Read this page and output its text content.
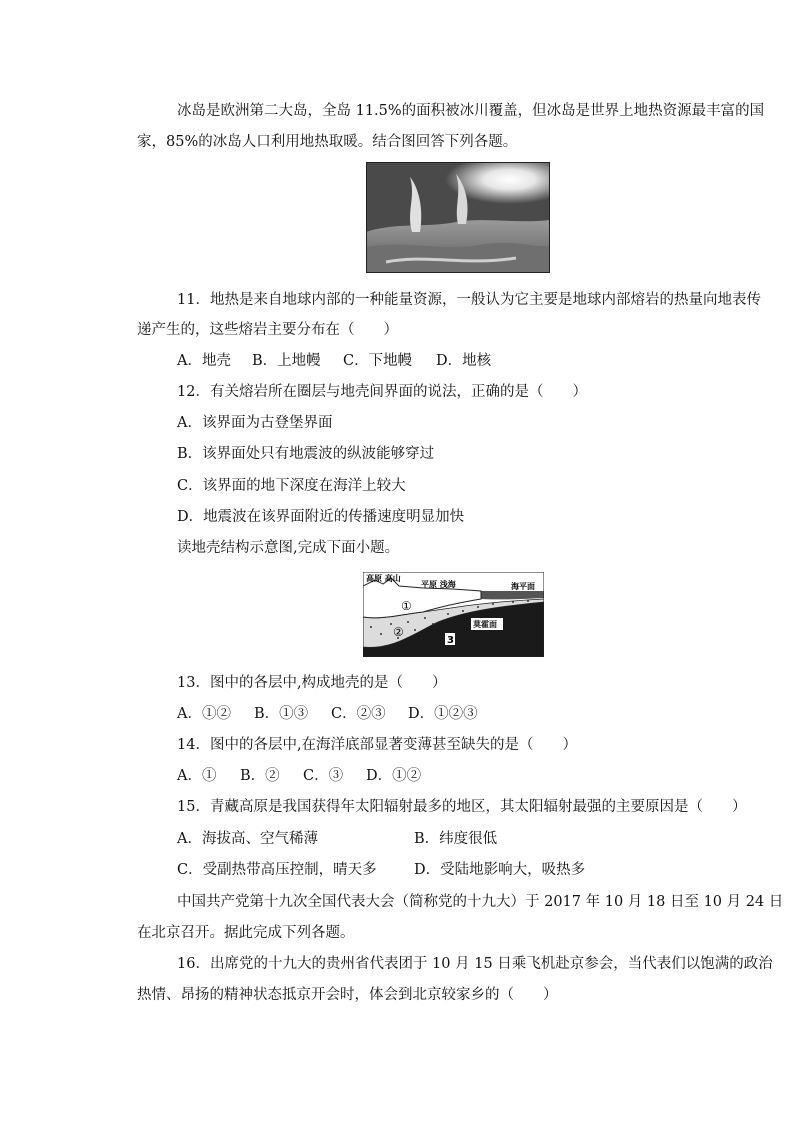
冰岛是欧洲第二大岛，全岛 11.5%的面积被冰川覆盖，但冰岛是世界上地热资源最丰富的国
家，85%的冰岛人口利用地热取暖。结合图回答下列各题。
11．地热是来自地球内部的一种能量资源，一般认为它主要是地球内部熔岩的热量向地表传
递产生的，这些熔岩主要分布在（　　）
A．地壳 B．上地幔 C．下地幔 D．地核
12．有关熔岩所在圈层与地壳间界面的说法，正确的是（　　）
A．该界面为古登堡界面
B．该界面处只有地震波的纵波能够穿过
C．该界面的地下深度在海洋上较大
D．地震波在该界面附近的传播速度明显加快
读地壳结构示意图,完成下面小题。
高原 高山
平原 浅海	海平面
①
②
3
莫霍面
13．图中的各层中,构成地壳的是（　　）
A．①② B．①③ C．②③ D．①②③
14．图中的各层中,在海洋底部显著变薄甚至缺失的是（　　）
A．① B．② C．③ D．①②
15．青藏高原是我国获得年太阳辐射最多的地区，其太阳辐射最强的主要原因是（　　）
A．海拔高、空气稀薄	B．纬度很低
C．受副热带高压控制，晴天多	D．受陆地影响大，吸热多
中国共产党第十九次全国代表大会（简称党的十九大）于 2017 年 10 月 18 日至 10 月 24 日
在北京召开。据此完成下列各题。
16．出席党的十九大的贵州省代表团于 10 月 15 日乘飞机赴京参会，当代表们以饱满的政治
热情、昂扬的精神状态抵京开会时，体会到北京较家乡的（　　）
